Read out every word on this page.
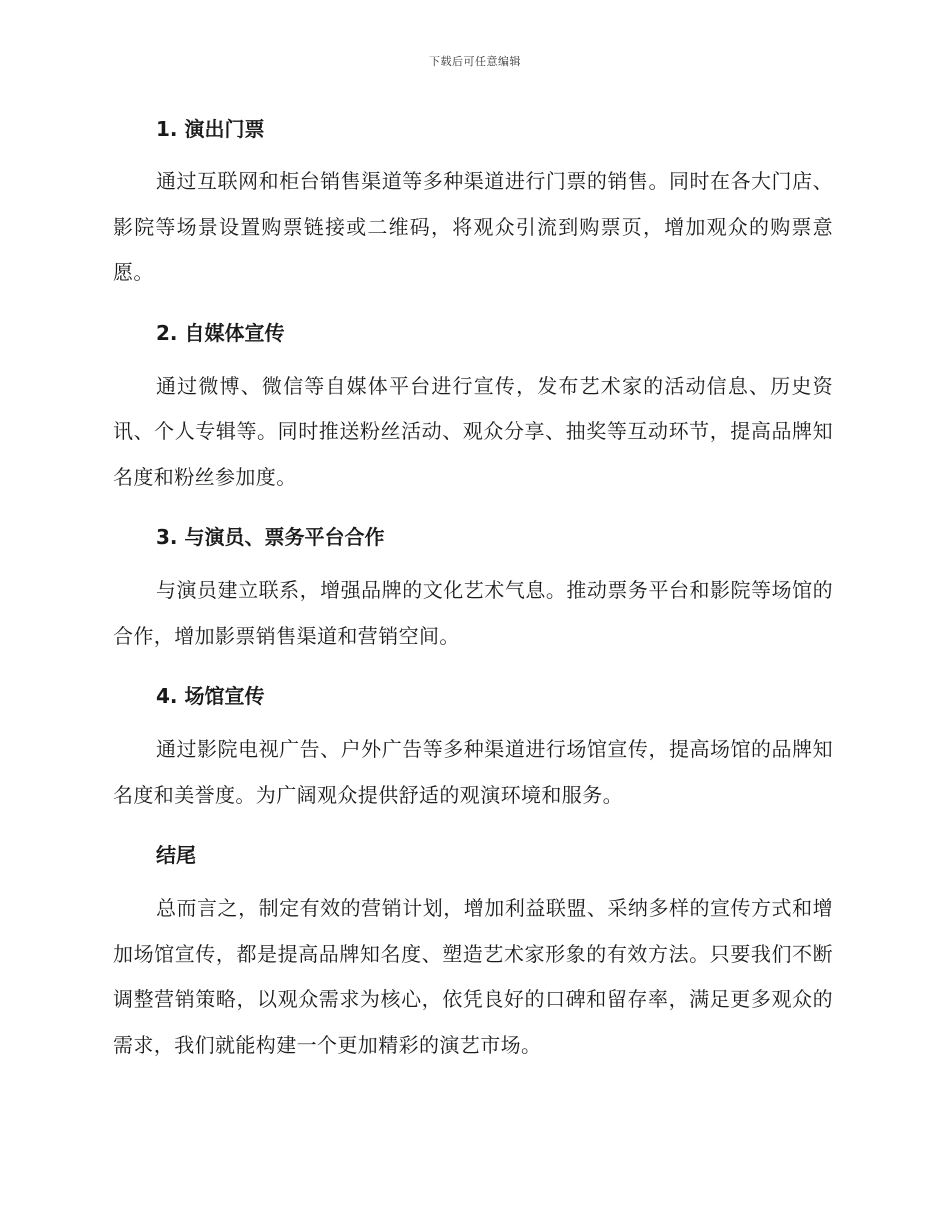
下载后可任意编辑
1. 演出门票

通过互联网和柜台销售渠道等多种渠道进行门票的销售。同时在各大门店、影院等场景设置购票链接或二维码，将观众引流到购票页，增加观众的购票意愿。

2. 自媒体宣传

通过微博、微信等自媒体平台进行宣传，发布艺术家的活动信息、历史资讯、个人专辑等。同时推送粉丝活动、观众分享、抽奖等互动环节，提高品牌知名度和粉丝参加度。

3. 与演员、票务平台合作

与演员建立联系，增强品牌的文化艺术气息。推动票务平台和影院等场馆的合作，增加影票销售渠道和营销空间。

4. 场馆宣传

通过影院电视广告、户外广告等多种渠道进行场馆宣传，提高场馆的品牌知名度和美誉度。为广阔观众提供舒适的观演环境和服务。

结尾

总而言之，制定有效的营销计划，增加利益联盟、采纳多样的宣传方式和增加场馆宣传，都是提高品牌知名度、塑造艺术家形象的有效方法。只要我们不断调整营销策略，以观众需求为核心，依凭良好的口碑和留存率，满足更多观众的需求，我们就能构建一个更加精彩的演艺市场。
